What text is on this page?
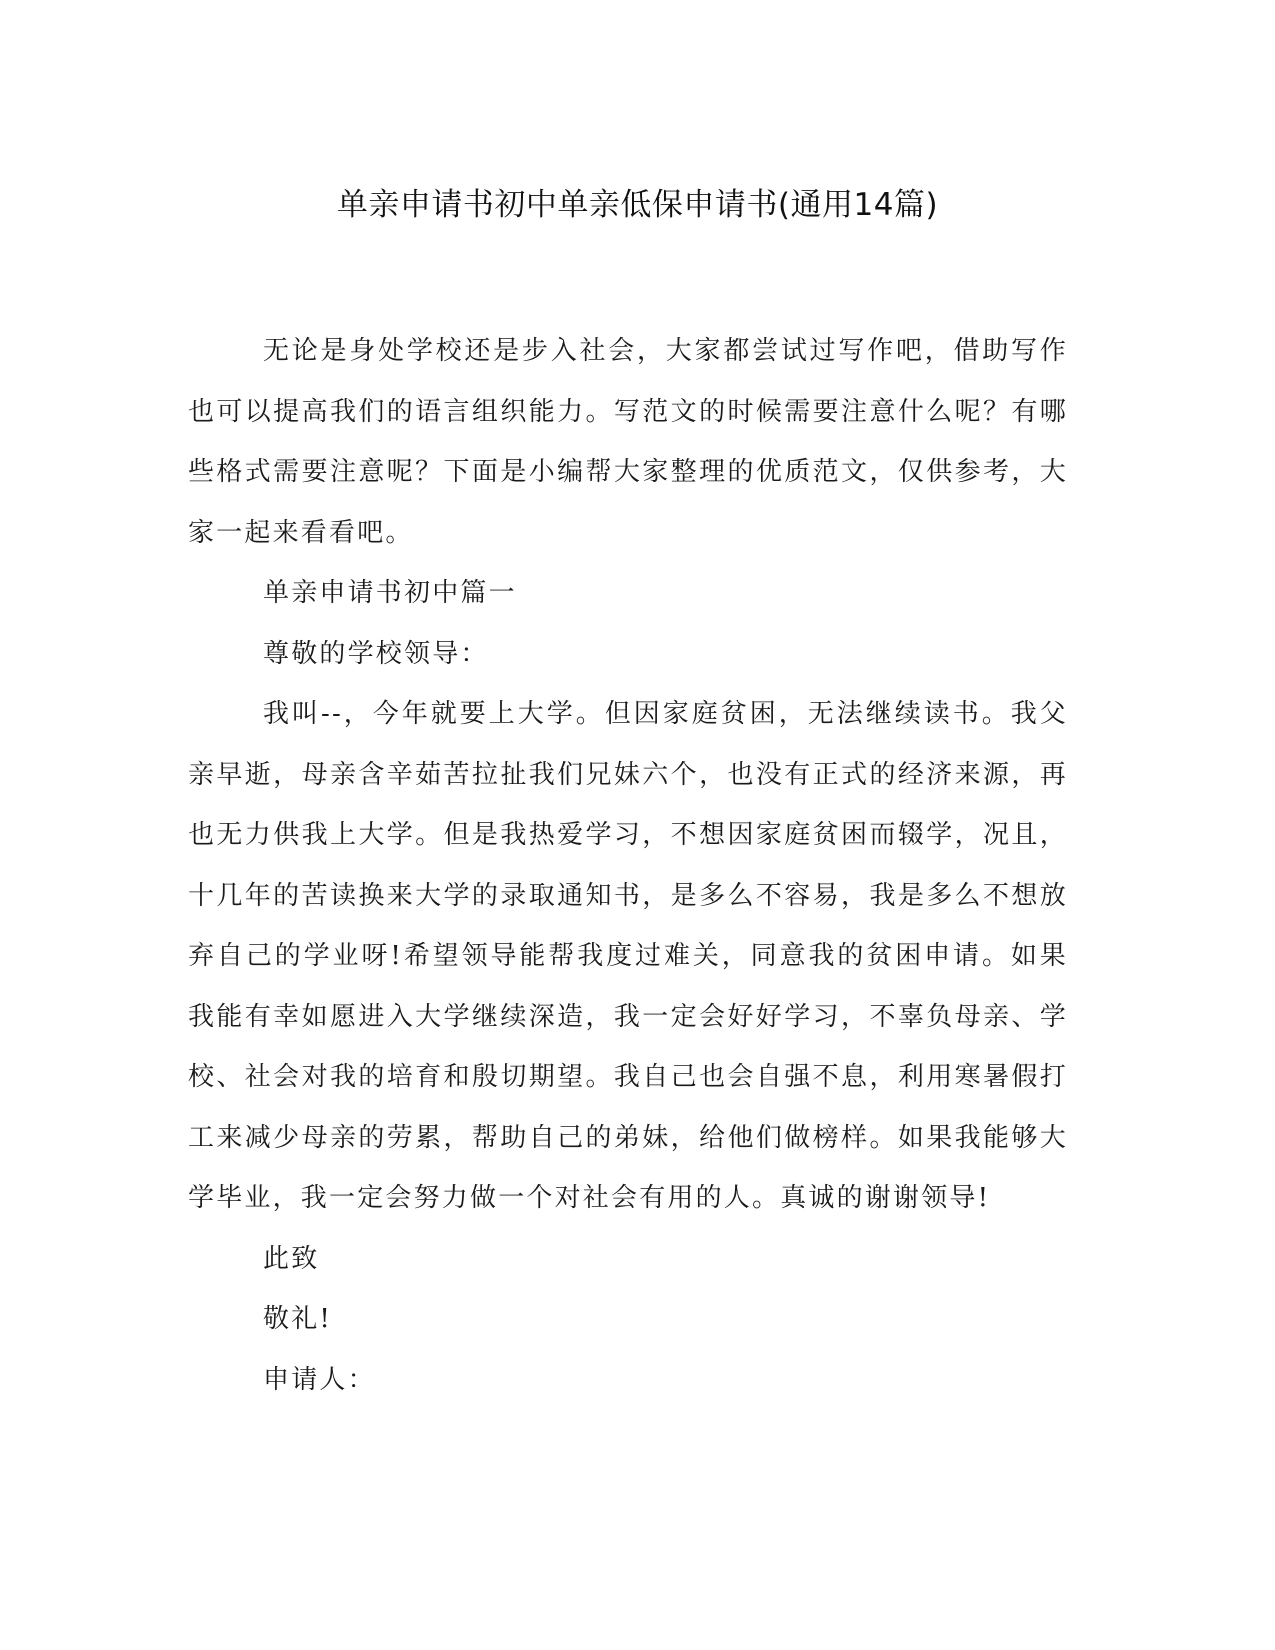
单亲申请书初中单亲低保申请书(通用14篇)

无论是身处学校还是步入社会，大家都尝试过写作吧，借助写作也可以提高我们的语言组织能力。写范文的时候需要注意什么呢？有哪些格式需要注意呢？下面是小编帮大家整理的优质范文，仅供参考，大家一起来看看吧。

单亲申请书初中篇一

尊敬的学校领导：

我叫--，今年就要上大学。但因家庭贫困，无法继续读书。我父亲早逝，母亲含辛茹苦拉扯我们兄妹六个，也没有正式的经济来源，再也无力供我上大学。但是我热爱学习，不想因家庭贫困而辍学，况且，十几年的苦读换来大学的录取通知书，是多么不容易，我是多么不想放弃自己的学业呀!希望领导能帮我度过难关，同意我的贫困申请。如果我能有幸如愿进入大学继续深造，我一定会好好学习，不辜负母亲、学校、社会对我的培育和殷切期望。我自己也会自强不息，利用寒暑假打工来减少母亲的劳累，帮助自己的弟妹，给他们做榜样。如果我能够大学毕业，我一定会努力做一个对社会有用的人。真诚的谢谢领导!

此致

敬礼!

申请人：
